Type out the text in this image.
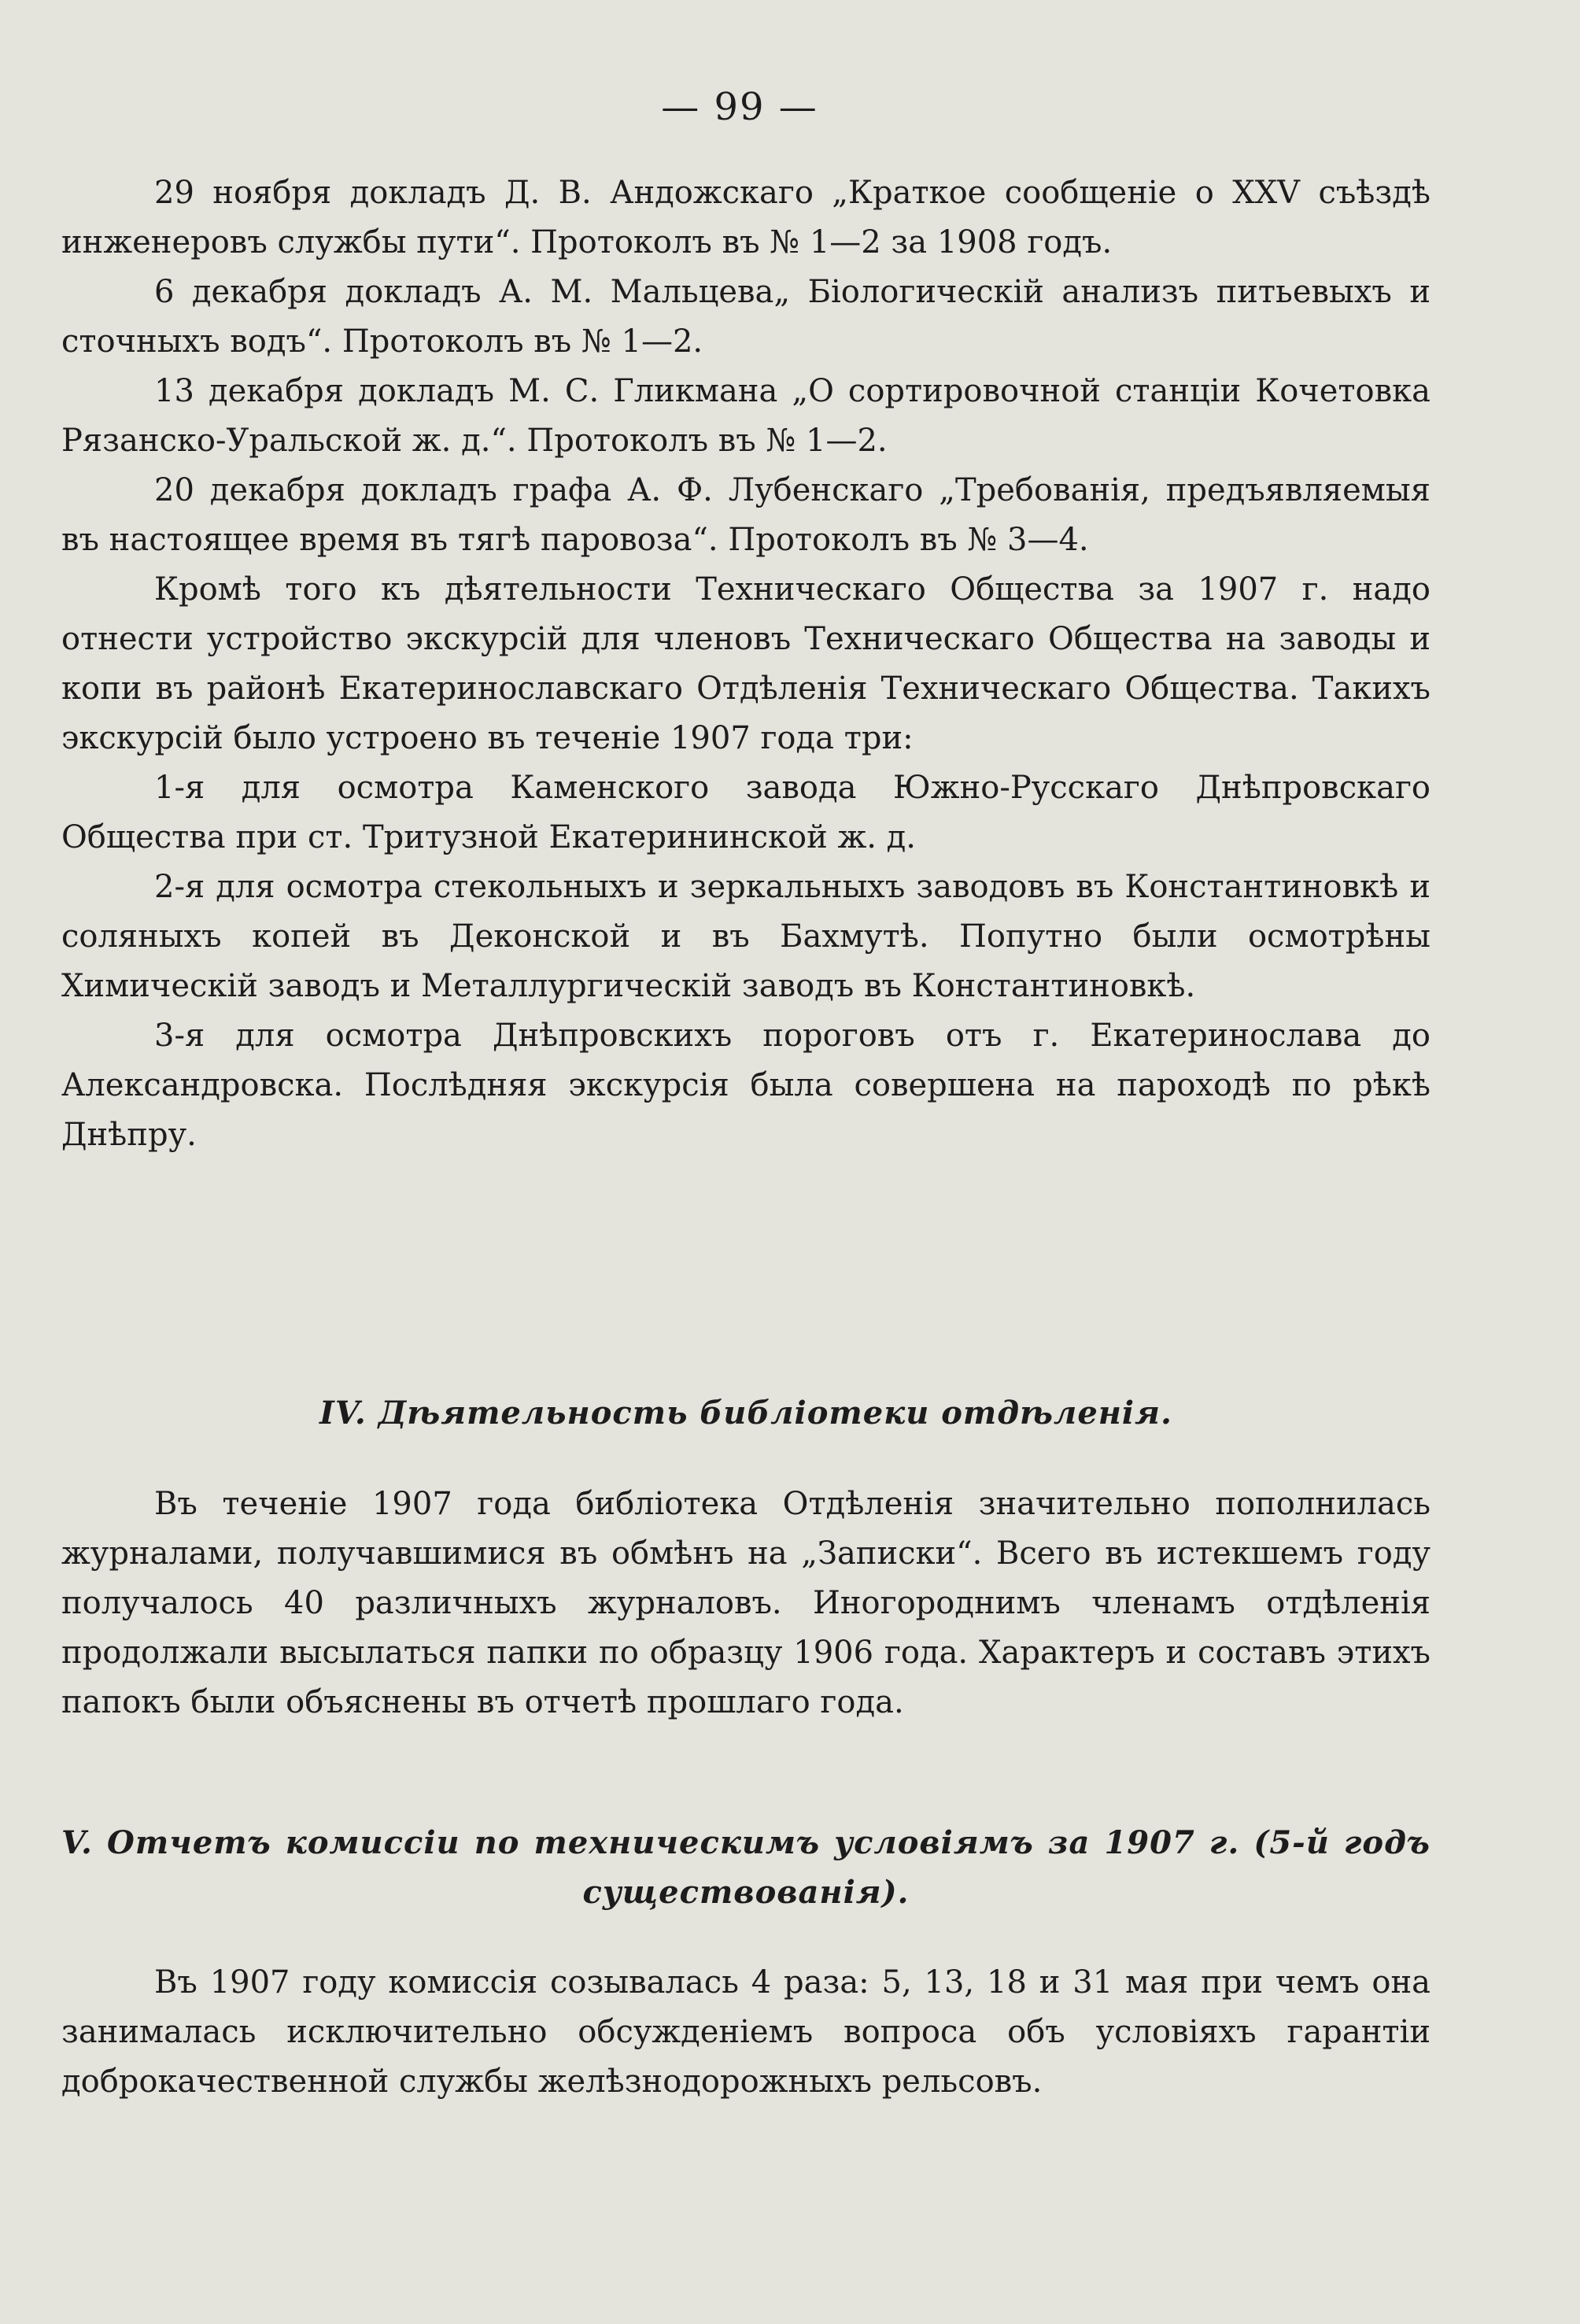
— 99 —

29 ноября докладъ Д. В. Андожскаго „Краткое сообщеніе о XXV съѣздѣ инженеровъ службы пути“. Протоколъ въ № 1—2 за 1908 годъ.

6 декабря докладъ А. М. Мальцева„ Біологическій анализъ питьевыхъ и сточныхъ водъ“. Протоколъ въ № 1—2.

13 декабря докладъ М. С. Гликмана „О сортировочной станціи Кочетовка Рязанско-Уральской ж. д.“. Протоколъ въ № 1—2.

20 декабря докладъ графа А. Ф. Лубенскаго „Требованія, предъявляемыя въ настоящее время въ тягѣ паровоза“. Протоколъ въ № 3—4.

Кромѣ того къ дѣятельности Техническаго Общества за 1907 г. надо отнести устройство экскурсій для членовъ Техническаго Общества на заводы и копи въ районѣ Екатеринославскаго Отдѣленія Техническаго Общества. Такихъ экскурсій было устроено въ теченіе 1907 года три:

1-я для осмотра Каменского завода Южно-Русскаго Днѣпровскаго Общества при ст. Тритузной Екатерининской ж. д.

2-я для осмотра стекольныхъ и зеркальныхъ заводовъ въ Константиновкѣ и соляныхъ копей въ Деконской и въ Бахмутѣ. Попутно были осмотрѣны Химическій заводъ и Металлургическій заводъ въ Константиновкѣ.

3-я для осмотра Днѣпровскихъ пороговъ отъ г. Екатеринослава до Александровска. Послѣдняя экскурсія была совершена на пароходѣ по рѣкѣ Днѣпру.

IV. Дѣятельность библіотеки отдѣленія.

Въ теченіе 1907 года библіотека Отдѣленія значительно пополнилась журналами, получавшимися въ обмѣнъ на „Записки“. Всего въ истекшемъ году получалось 40 различныхъ журналовъ. Иногороднимъ членамъ отдѣленія продолжали высылаться папки по образцу 1906 года. Характеръ и составъ этихъ папокъ были объяснены въ отчетѣ прошлаго года.

V. Отчетъ комиссіи по техническимъ условіямъ за 1907 г. (5-й годъ существованія).

Въ 1907 году комиссія созывалась 4 раза: 5, 13, 18 и 31 мая при чемъ она занималась исключительно обсужденіемъ вопроса объ условіяхъ гарантіи доброкачественной службы желѣзнодорожныхъ рельсовъ.
